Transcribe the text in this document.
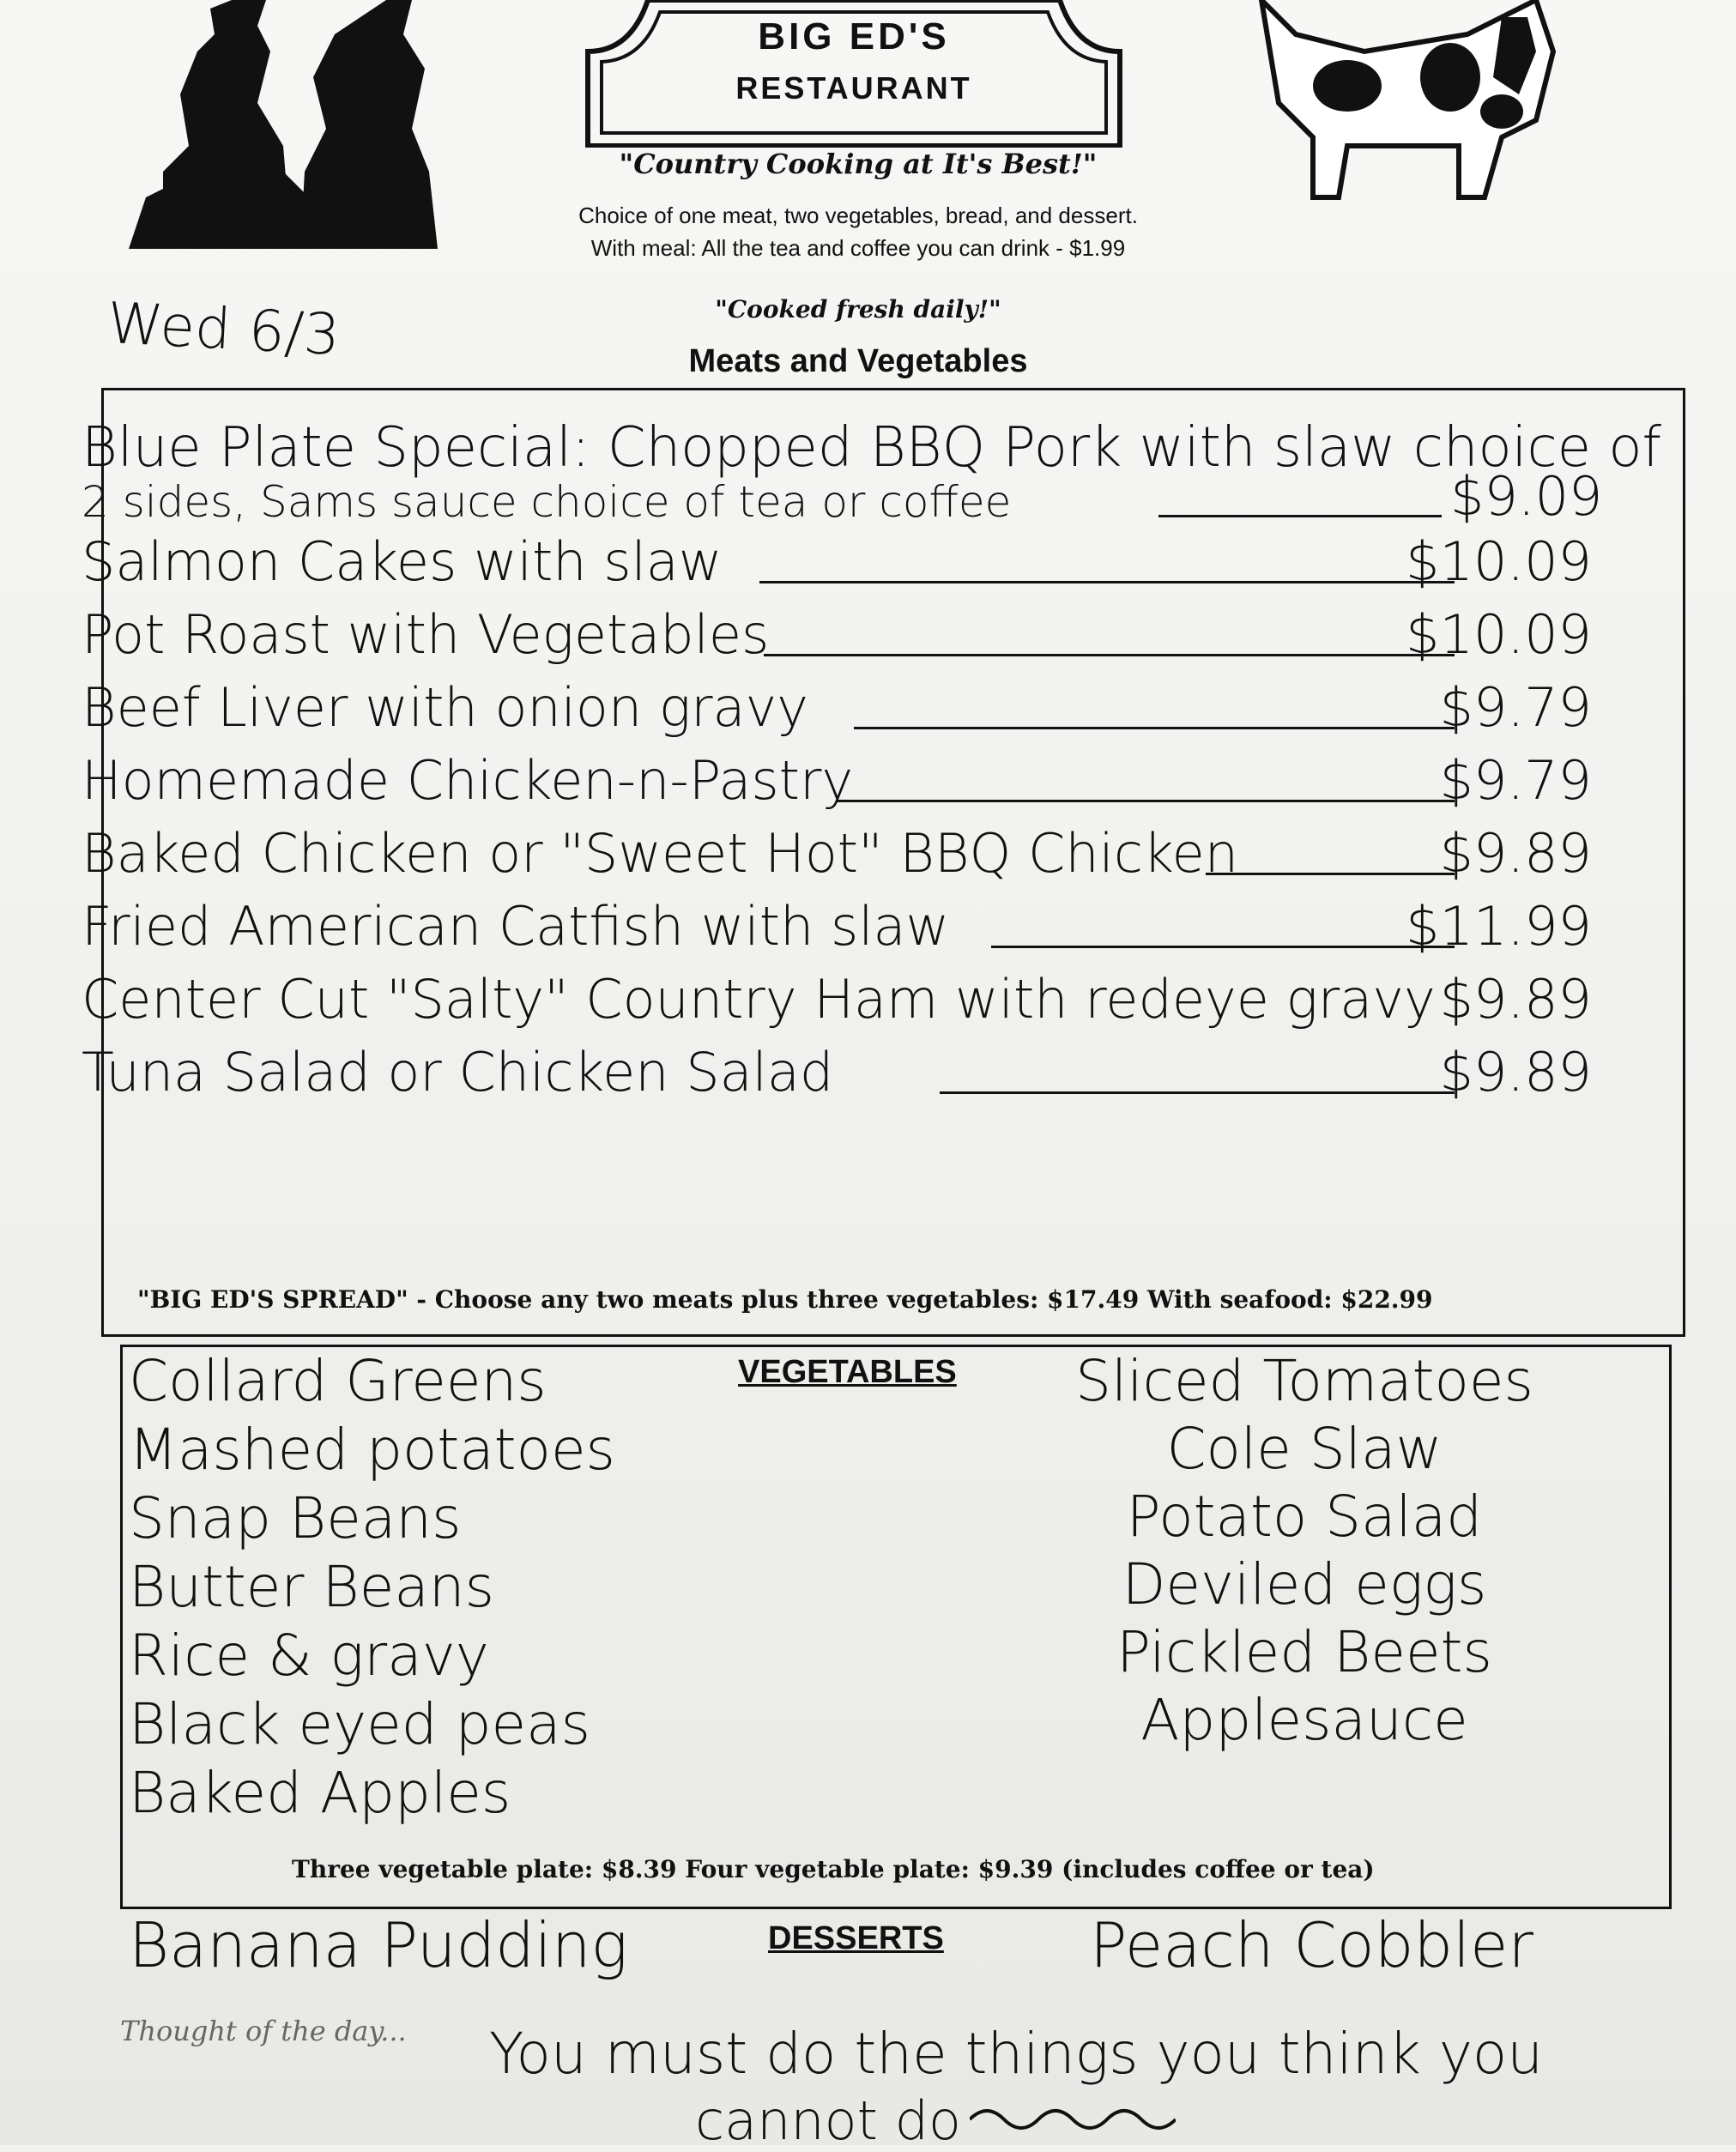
BIG ED'S
RESTAURANT
"Country Cooking at It's Best!"
Choice of one meat, two vegetables, bread, and dessert.
With meal: All the tea and coffee you can drink - $1.99
"Cooked fresh daily!"
Meats and Vegetables
Wed 6/3
Blue Plate Special: Chopped BBQ Pork with slaw choice of
2 sides, Sams sauce choice of tea or coffee	$9.09
Salmon Cakes with slaw	$10.09
Pot Roast with Vegetables	$10.09
Beef Liver with onion gravy	$9.79
Homemade Chicken-n-Pastry	$9.79
Baked Chicken or "Sweet Hot" BBQ Chicken	$9.89
Fried American Catfish with slaw	$11.99
Center Cut "Salty" Country Ham with redeye gravy $9.89
Tuna Salad or Chicken Salad	$9.89
"BIG ED'S SPREAD" - Choose any two meats plus three vegetables: $17.49 With seafood: $22.99
VEGETABLES
Collard Greens
Mashed potatoes
Snap Beans
Butter Beans
Rice & gravy
Black eyed peas
Baked Apples
Sliced Tomatoes
Cole Slaw
Potato Salad
Deviled eggs
Pickled Beets
Applesauce
Three vegetable plate: $8.39 Four vegetable plate: $9.39 (includes coffee or tea)
DESSERTS
Banana Pudding	Peach Cobbler
Thought of the day... You must do the things you think you
cannot do
